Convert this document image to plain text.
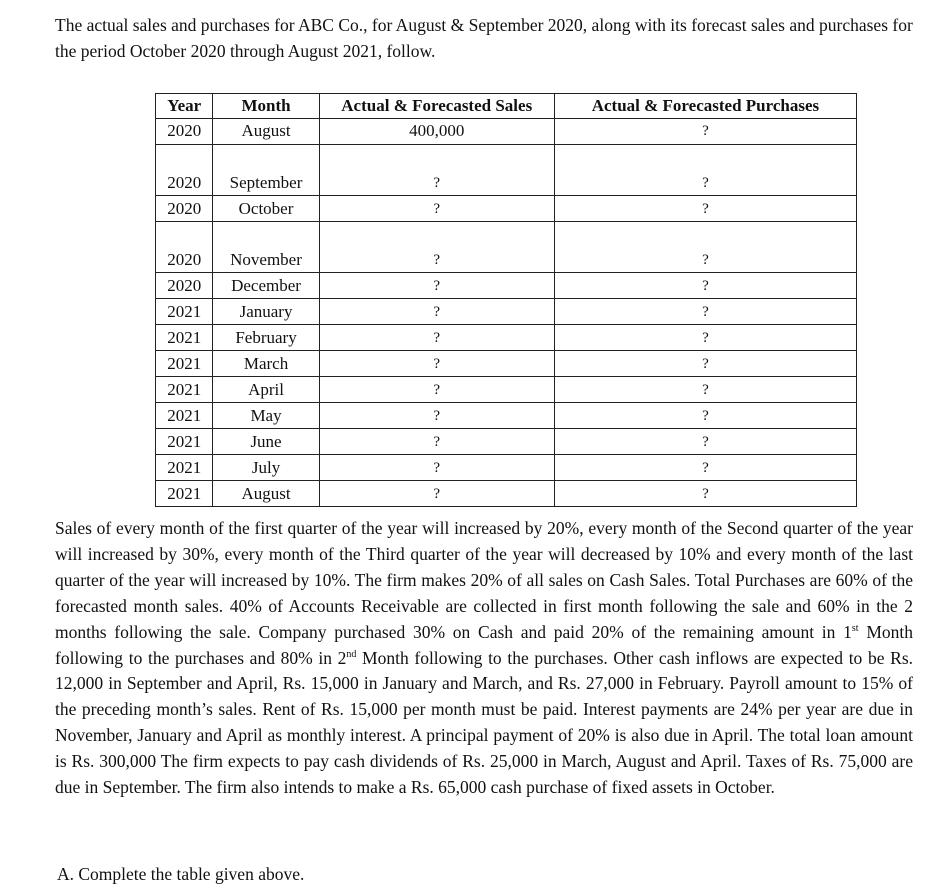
The actual sales and purchases for ABC Co., for August & September 2020, along with its forecast sales and purchases for the period October 2020 through August 2021, follow.

Year	Month	Actual & Forecasted Sales	Actual & Forecasted Purchases
2020	August	400,000	?
2020	September	?	?
2020	October	?	?
2020	November	?	?
2020	December	?	?
2021	January	?	?
2021	February	?	?
2021	March	?	?
2021	April	?	?
2021	May	?	?
2021	June	?	?
2021	July	?	?
2021	August	?	?

Sales of every month of the first quarter of the year will increased by 20%, every month of the Second quarter of the year will increased by 30%, every month of the Third quarter of the year will decreased by 10% and every month of the last quarter of the year will increased by 10%. The firm makes 20% of all sales on Cash Sales. Total Purchases are 60% of the forecasted month sales. 40% of Accounts Receivable are collected in first month following the sale and 60% in the 2 months following the sale. Company purchased 30% on Cash and paid 20% of the remaining amount in 1st Month following to the purchases and 80% in 2nd Month following to the purchases. Other cash inflows are expected to be Rs. 12,000 in September and April, Rs. 15,000 in January and March, and Rs. 27,000 in February. Payroll amount to 15% of the preceding month’s sales. Rent of Rs. 15,000 per month must be paid. Interest payments are 24% per year are due in November, January and April as monthly interest. A principal payment of 20% is also due in April. The total loan amount is Rs. 300,000 The firm expects to pay cash dividends of Rs. 25,000 in March, August and April. Taxes of Rs. 75,000 are due in September. The firm also intends to make a Rs. 65,000 cash purchase of fixed assets in October.

A. Complete the table given above.
